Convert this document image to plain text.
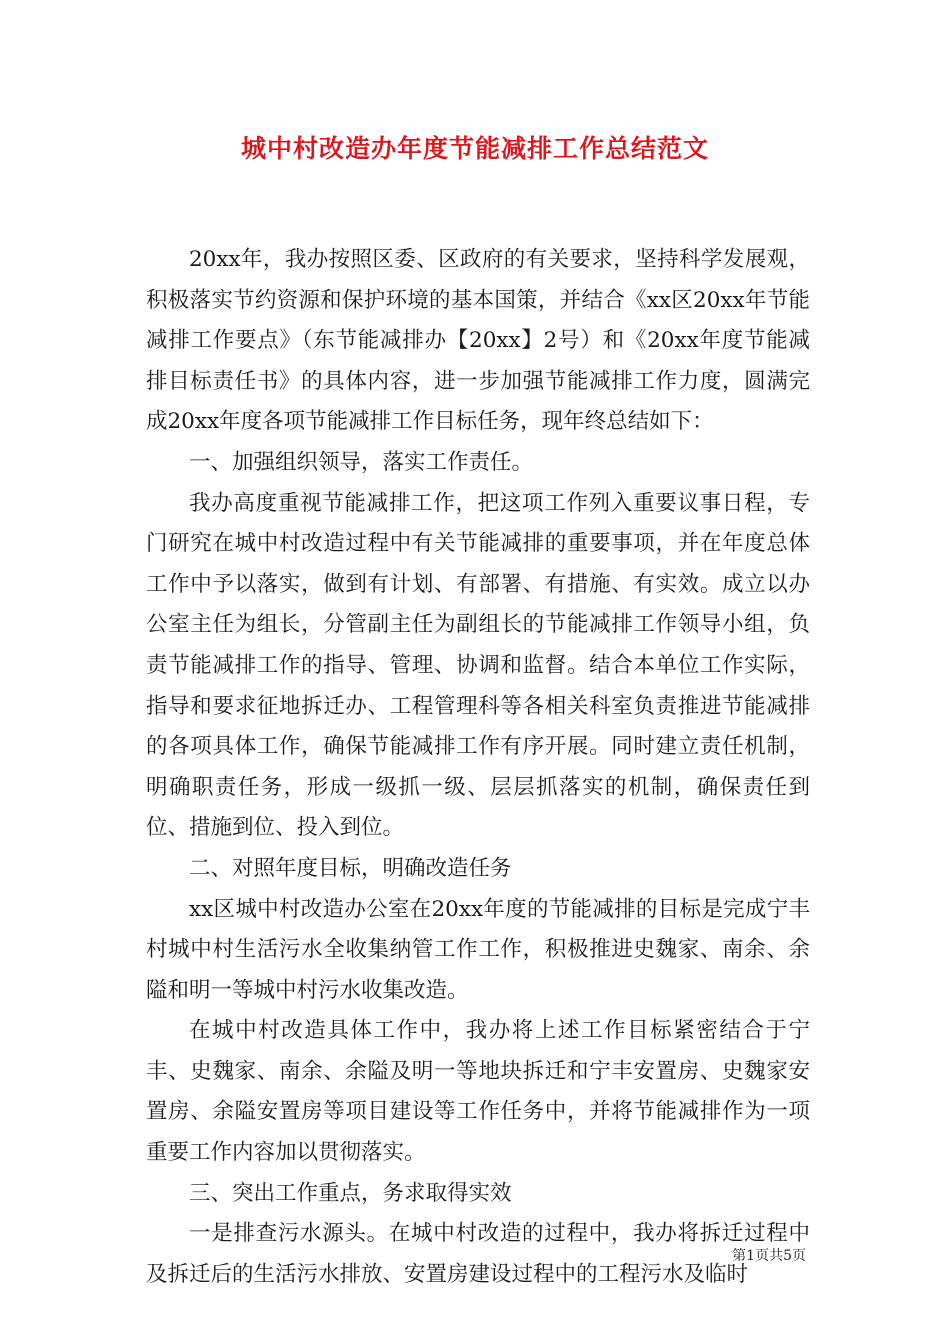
城中村改造办年度节能减排工作总结范文

20xx年，我办按照区委、区政府的有关要求，坚持科学发展观，积极落实节约资源和保护环境的基本国策，并结合《xx区20xx年节能减排工作要点》（东节能减排办【20xx】2号）和《20xx年度节能减排目标责任书》的具体内容，进一步加强节能减排工作力度，圆满完成20xx年度各项节能减排工作目标任务，现年终总结如下：

一、加强组织领导，落实工作责任。

我办高度重视节能减排工作，把这项工作列入重要议事日程，专门研究在城中村改造过程中有关节能减排的重要事项，并在年度总体工作中予以落实，做到有计划、有部署、有措施、有实效。成立以办公室主任为组长，分管副主任为副组长的节能减排工作领导小组，负责节能减排工作的指导、管理、协调和监督。结合本单位工作实际，指导和要求征地拆迁办、工程管理科等各相关科室负责推进节能减排的各项具体工作，确保节能减排工作有序开展。同时建立责任机制，明确职责任务，形成一级抓一级、层层抓落实的机制，确保责任到位、措施到位、投入到位。

二、对照年度目标，明确改造任务

xx区城中村改造办公室在20xx年度的节能减排的目标是完成宁丰村城中村生活污水全收集纳管工作工作，积极推进史魏家、南余、余隘和明一等城中村污水收集改造。

在城中村改造具体工作中，我办将上述工作目标紧密结合于宁丰、史魏家、南余、余隘及明一等地块拆迁和宁丰安置房、史魏家安置房、余隘安置房等项目建设等工作任务中，并将节能减排作为一项重要工作内容加以贯彻落实。

三、突出工作重点，务求取得实效

一是排查污水源头。在城中村改造的过程中，我办将拆迁过程中及拆迁后的生活污水排放、安置房建设过程中的工程污水及临时

第1页共5页
